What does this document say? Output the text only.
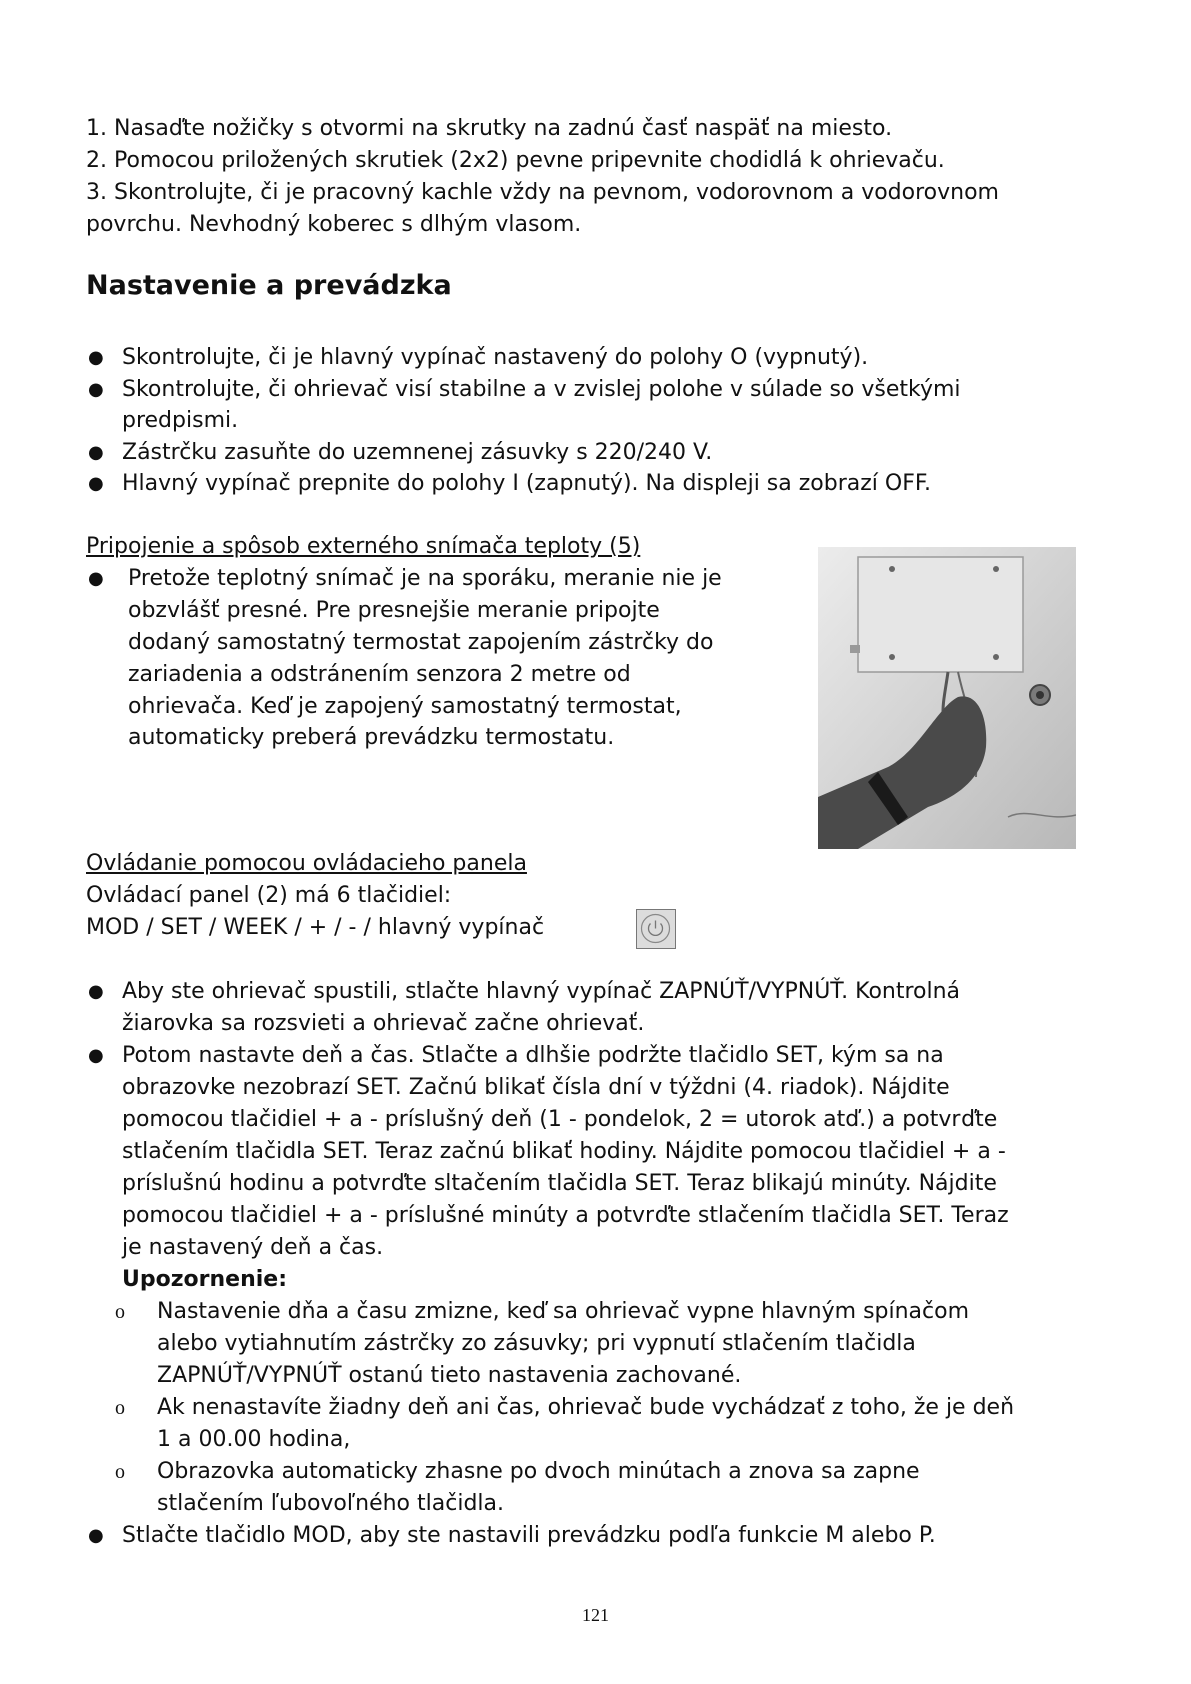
1. Nasaďte nožičky s otvormi na skrutky na zadnú časť naspäť na miesto.
2. Pomocou priložených skrutiek (2x2) pevne pripevnite chodidlá k ohrievaču.
3. Skontrolujte, či je pracovný kachle vždy na pevnom, vodorovnom a vodorovnom
povrchu. Nevhodný koberec s dlhým vlasom.
Nastavenie a prevádzka
● Skontrolujte, či je hlavný vypínač nastavený do polohy O (vypnutý).
● Skontrolujte, či ohrievač visí stabilne a v zvislej polohe v súlade so všetkými
predpismi.
● Zástrčku zasuňte do uzemnenej zásuvky s 220/240 V.
● Hlavný vypínač prepnite do polohy I (zapnutý). Na displeji sa zobrazí OFF.
Pripojenie a spôsob externého snímača teploty (5)
● Pretože teplotný snímač je na sporáku, meranie nie je
obzvlášť presné. Pre presnejšie meranie pripojte
dodaný samostatný termostat zapojením zástrčky do
zariadenia a odstránením senzora 2 metre od
ohrievača. Keď je zapojený samostatný termostat,
automaticky preberá prevádzku termostatu.
Ovládanie pomocou ovládacieho panela
Ovládací panel (2) má 6 tlačidiel:
MOD / SET / WEEK / + / - / hlavný vypínač
● Aby ste ohrievač spustili, stlačte hlavný vypínač ZAPNÚŤ/VYPNÚŤ. Kontrolná
žiarovka sa rozsvieti a ohrievač začne ohrievať.
● Potom nastavte deň a čas. Stlačte a dlhšie podržte tlačidlo SET, kým sa na
obrazovke nezobrazí SET. Začnú blikať čísla dní v týždni (4. riadok). Nájdite
pomocou tlačidiel + a - príslušný deň (1 - pondelok, 2 = utorok atď.) a potvrďte
stlačením tlačidla SET. Teraz začnú blikať hodiny. Nájdite pomocou tlačidiel + a -
príslušnú hodinu a potvrďte sltačením tlačidla SET. Teraz blikajú minúty. Nájdite
pomocou tlačidiel + a - príslušné minúty a potvrďte stlačením tlačidla SET. Teraz
je nastavený deň a čas.
Upozornenie:
o Nastavenie dňa a času zmizne, keď sa ohrievač vypne hlavným spínačom
alebo vytiahnutím zástrčky zo zásuvky; pri vypnutí stlačením tlačidla
ZAPNÚŤ/VYPNÚŤ ostanú tieto nastavenia zachované.
o Ak nenastavíte žiadny deň ani čas, ohrievač bude vychádzať z toho, že je deň
1 a 00.00 hodina,
o Obrazovka automaticky zhasne po dvoch minútach a znova sa zapne
stlačením ľubovoľného tlačidla.
● Stlačte tlačidlo MOD, aby ste nastavili prevádzku podľa funkcie M alebo P.
121
